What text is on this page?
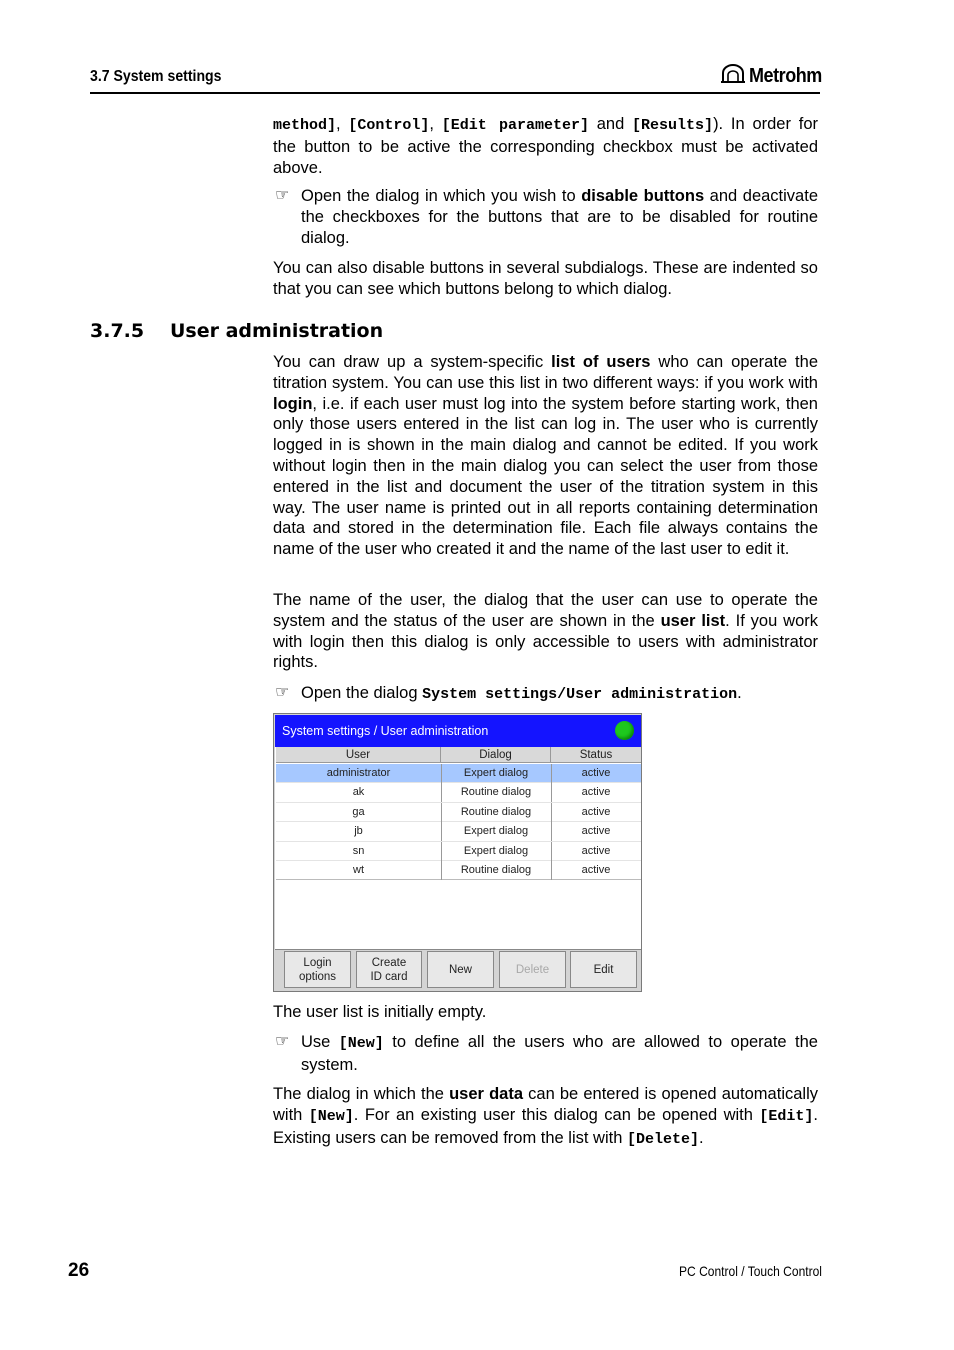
3.7 System settings	Metrohm
method], [Control], [Edit parameter] and [Results]). In order for the button to be active the corresponding checkbox must be activated above.
☞ Open the dialog in which you wish to disable buttons and deactivate the checkboxes for the buttons that are to be disabled for routine dialog.
You can also disable buttons in several subdialogs. These are indented so that you can see which buttons belong to which dialog.
3.7.5 User administration
You can draw up a system-specific list of users who can operate the titration system. You can use this list in two different ways: if you work with login, i.e. if each user must log into the system before starting work, then only those users entered in the list can log in. The user who is currently logged in is shown in the main dialog and cannot be edited. If you work without login then in the main dialog you can select the user from those entered in the list and document the user of the titration system in this way. The user name is printed out in all reports containing determination data and stored in the determination file. Each file always contains the name of the user who created it and the name of the last user to edit it.
The name of the user, the dialog that the user can use to operate the system and the status of the user are shown in the user list. If you work with login then this dialog is only accessible to users with administrator rights.
☞ Open the dialog System settings/User administration.
System settings / User administration
User	Dialog	Status
administrator	Expert dialog	active
ak	Routine dialog	active
ga	Routine dialog	active
jb	Expert dialog	active
sn	Expert dialog	active
wt	Routine dialog	active
Login
options
Create
ID card
New	Delete	Edit
The user list is initially empty.
☞ Use [New] to define all the users who are allowed to operate the system.
The dialog in which the user data can be entered is opened automatically with [New]. For an existing user this dialog can be opened with [Edit]. Existing users can be removed from the list with [Delete].
26	PC Control / Touch Control
